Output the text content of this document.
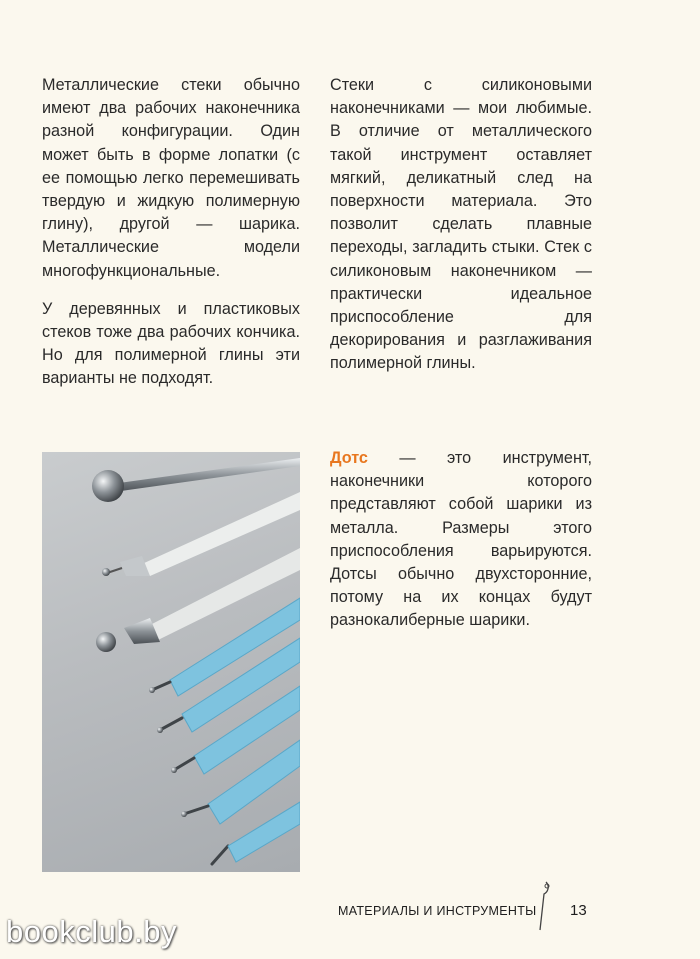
Металлические стеки обычно имеют два рабочих наконечника разной конфигурации. Один может быть в форме лопатки (с ее помощью легко перемешивать твердую и жидкую полимерную глину), другой — шарика. Металлические модели многофункциональные.

У деревянных и пластиковых стеков тоже два рабочих кончика. Но для полимерной глины эти варианты не подходят.

Стеки с силиконовыми наконечниками — мои любимые. В отличие от металлического такой инструмент оставляет мягкий, деликатный след на поверхности материала. Это позволит сделать плавные переходы, загладить стыки. Стек с силиконовым наконечником — практически идеальное приспособление для декорирования и разглаживания полимерной глины.

Дотс — это инструмент, наконечники которого представляют собой шарики из металла. Размеры этого приспособления варьируются. Дотсы обычно двухсторонние, потому на их концах будут разнокалиберные шарики.

МАТЕРИАЛЫ И ИНСТРУМЕНТЫ 13
bookclub.by
